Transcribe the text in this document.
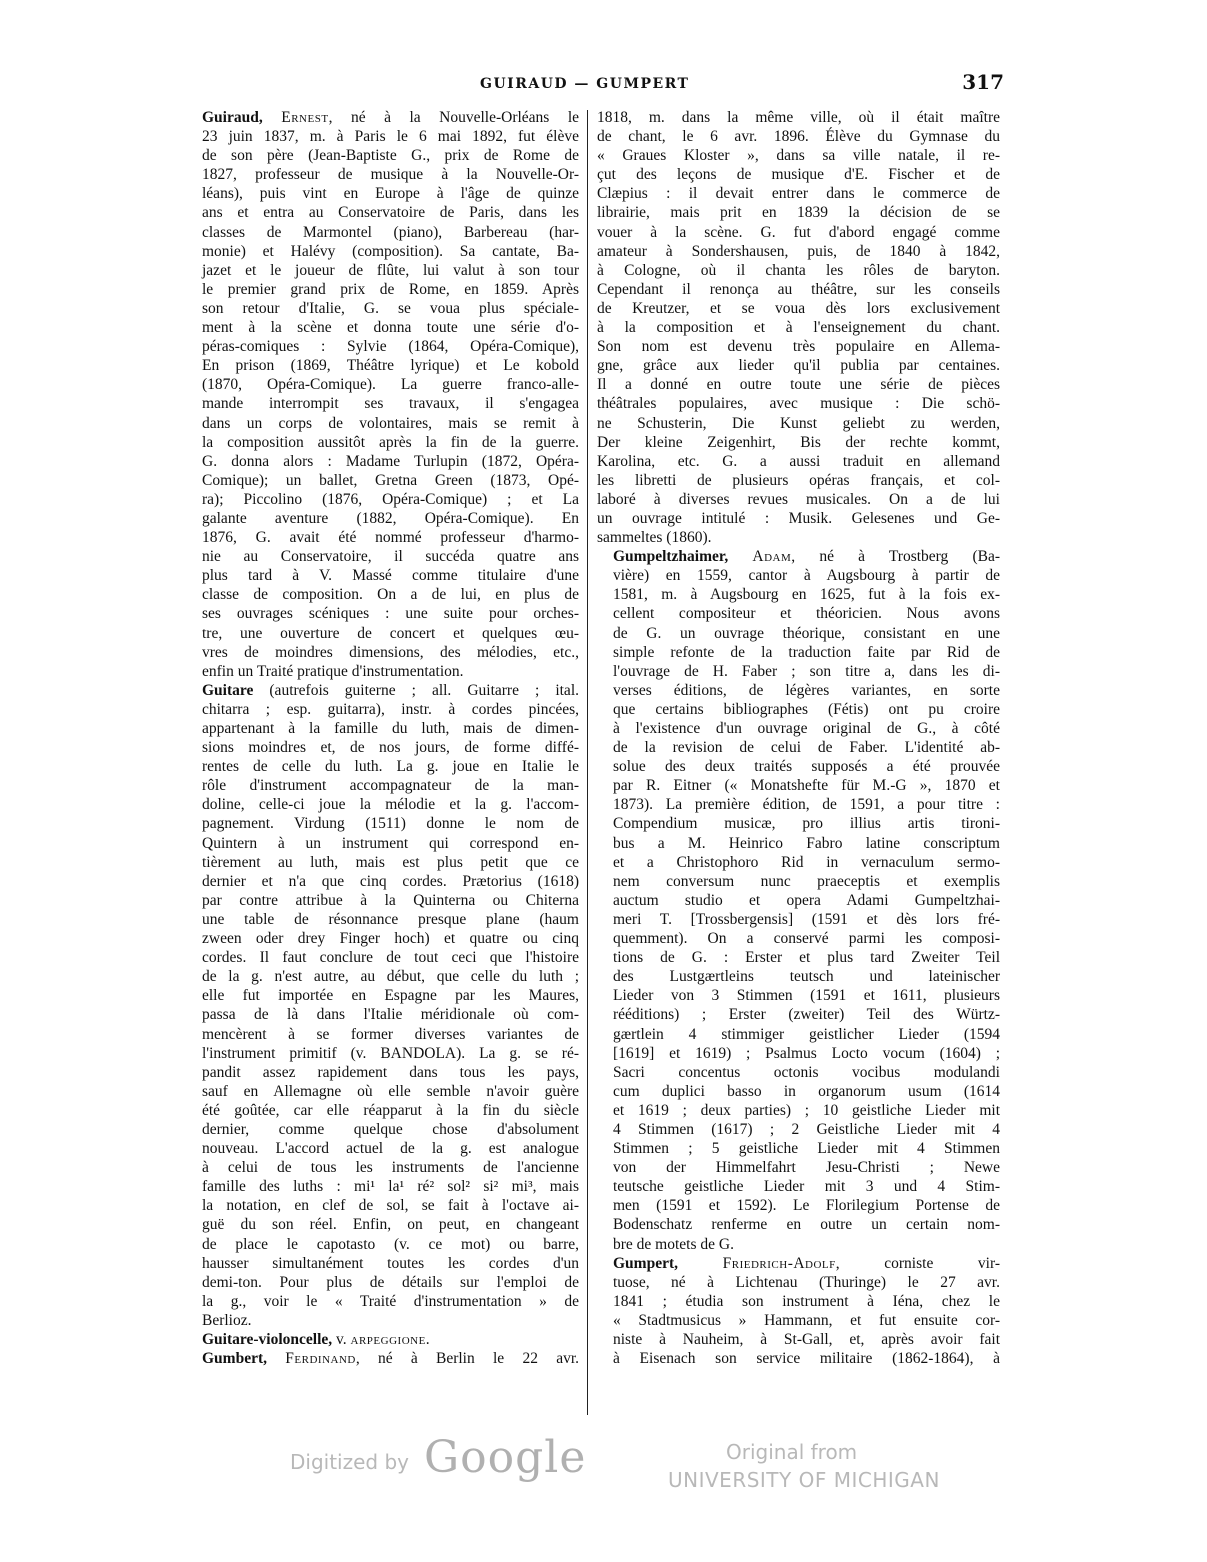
GUIRAUD — GUMPERT	317

Guiraud, Ernest, né à la Nouvelle-Orléans le
23 juin 1837, m. à Paris le 6 mai 1892, fut élève
de son père (Jean-Baptiste G., prix de Rome de
1827, professeur de musique à la Nouvelle-Or-
léans), puis vint en Europe à l'âge de quinze
ans et entra au Conservatoire de Paris, dans les
classes de Marmontel (piano), Barbereau (har-
monie) et Halévy (composition). Sa cantate, Ba-
jazet et le joueur de flûte, lui valut à son tour
le premier grand prix de Rome, en 1859. Après
son retour d'Italie, G. se voua plus spéciale-
ment à la scène et donna toute une série d'o-
péras-comiques : Sylvie (1864, Opéra-Comique),
En prison (1869, Théâtre lyrique) et Le kobold
(1870, Opéra-Comique). La guerre franco-alle-
mande interrompit ses travaux, il s'engagea
dans un corps de volontaires, mais se remit à
la composition aussitôt après la fin de la guerre.
G. donna alors : Madame Turlupin (1872, Opéra-
Comique); un ballet, Gretna Green (1873, Opé-
ra); Piccolino (1876, Opéra-Comique) ; et La
galante aventure (1882, Opéra-Comique). En
1876, G. avait été nommé professeur d'harmo-
nie au Conservatoire, il succéda quatre ans
plus tard à V. Massé comme titulaire d'une
classe de composition. On a de lui, en plus de
ses ouvrages scéniques : une suite pour orches-
tre, une ouverture de concert et quelques œu-
vres de moindres dimensions, des mélodies, etc.,
enfin un Traité pratique d'instrumentation.

Guitare (autrefois guiterne ; all. Guitarre ; ital.
chitarra ; esp. guitarra), instr. à cordes pincées,
appartenant à la famille du luth, mais de dimen-
sions moindres et, de nos jours, de forme diffé-
rentes de celle du luth. La g. joue en Italie le
rôle d'instrument accompagnateur de la man-
doline, celle-ci joue la mélodie et la g. l'accom-
pagnement. Virdung (1511) donne le nom de
Quintern à un instrument qui correspond en-
tièrement au luth, mais est plus petit que ce
dernier et n'a que cinq cordes. Prætorius (1618)
par contre attribue à la Quinterna ou Chiterna
une table de résonnance presque plane (haum
zween oder drey Finger hoch) et quatre ou cinq
cordes. Il faut conclure de tout ceci que l'histoire
de la g. n'est autre, au début, que celle du luth ;
elle fut importée en Espagne par les Maures,
passa de là dans l'Italie méridionale où com-
mencèrent à se former diverses variantes de
l'instrument primitif (v. BANDOLA). La g. se ré-
pandit assez rapidement dans tous les pays,
sauf en Allemagne où elle semble n'avoir guère
été goûtée, car elle réapparut à la fin du siècle
dernier, comme quelque chose d'absolument
nouveau. L'accord actuel de la g. est analogue
à celui de tous les instruments de l'ancienne
famille des luths : mi¹ la¹ ré² sol² si² mi³, mais
la notation, en clef de sol, se fait à l'octave ai-
guë du son réel. Enfin, on peut, en changeant
de place le capotasto (v. ce mot) ou barre,
hausser simultanément toutes les cordes d'un
demi-ton. Pour plus de détails sur l'emploi de
la g., voir le « Traité d'instrumentation » de
Berlioz.

Guitare-violoncelle, v. arpeggione.

Gumbert, Ferdinand, né à Berlin le 22 avr.

1818, m. dans la même ville, où il était maître
de chant, le 6 avr. 1896. Élève du Gymnase du
« Graues Kloster », dans sa ville natale, il re-
çut des leçons de musique d'E. Fischer et de
Clæpius : il devait entrer dans le commerce de
librairie, mais prit en 1839 la décision de se
vouer à la scène. G. fut d'abord engagé comme
amateur à Sondershausen, puis, de 1840 à 1842,
à Cologne, où il chanta les rôles de baryton.
Cependant il renonça au théâtre, sur les conseils
de Kreutzer, et se voua dès lors exclusivement
à la composition et à l'enseignement du chant.
Son nom est devenu très populaire en Allema-
gne, grâce aux lieder qu'il publia par centaines.
Il a donné en outre toute une série de pièces
théâtrales populaires, avec musique : Die schö-
ne Schusterin, Die Kunst geliebt zu werden,
Der kleine Zeigenhirt, Bis der rechte kommt,
Karolina, etc. G. a aussi traduit en allemand
les libretti de plusieurs opéras français, et col-
laboré à diverses revues musicales. On a de lui
un ouvrage intitulé : Musik. Gelesenes und Ge-
sammeltes (1860).

Gumpeltzhaimer, Adam, né à Trostberg (Ba-
vière) en 1559, cantor à Augsbourg à partir de
1581, m. à Augsbourg en 1625, fut à la fois ex-
cellent compositeur et théoricien. Nous avons
de G. un ouvrage théorique, consistant en une
simple refonte de la traduction faite par Rid de
l'ouvrage de H. Faber ; son titre a, dans les di-
verses éditions, de légères variantes, en sorte
que certains bibliographes (Fétis) ont pu croire
à l'existence d'un ouvrage original de G., à côté
de la revision de celui de Faber. L'identité ab-
solue des deux traités supposés a été prouvée
par R. Eitner (« Monatshefte für M.-G », 1870 et
1873). La première édition, de 1591, a pour titre :
Compendium musicæ, pro illius artis tironi-
bus a M. Heinrico Fabro latine conscriptum
et a Christophoro Rid in vernaculum sermo-
nem conversum nunc praeceptis et exemplis
auctum studio et opera Adami Gumpeltzhai-
meri T. [Trossbergensis] (1591 et dès lors fré-
quemment). On a conservé parmi les composi-
tions de G. : Erster et plus tard Zweiter Teil
des Lustgærtleins teutsch und lateinischer
Lieder von 3 Stimmen (1591 et 1611, plusieurs
rééditions) ; Erster (zweiter) Teil des Würtz-
gærtlein 4 stimmiger geistlicher Lieder (1594
[1619] et 1619) ; Psalmus Locto vocum (1604) ;
Sacri concentus octonis vocibus modulandi
cum duplici basso in organorum usum (1614
et 1619 ; deux parties) ; 10 geistliche Lieder mit
4 Stimmen (1617) ; 2 Geistliche Lieder mit 4
Stimmen ; 5 geistliche Lieder mit 4 Stimmen
von der Himmelfahrt Jesu-Christi ; Newe
teutsche geistliche Lieder mit 3 und 4 Stim-
men (1591 et 1592). Le Florilegium Portense de
Bodenschatz renferme en outre un certain nom-
bre de motets de G.

Gumpert,	Friedrich-Adolf, corniste vir-
tuose, né à Lichtenau (Thuringe) le 27 avr.
1841 ; étudia son instrument à Iéna, chez le
« Stadtmusicus » Hammann, et fut ensuite cor-
niste à Nauheim, à St-Gall, et, après avoir fait
à Eisenach son service militaire (1862-1864), à

Digitized by Google	Original from
UNIVERSITY OF MICHIGAN
